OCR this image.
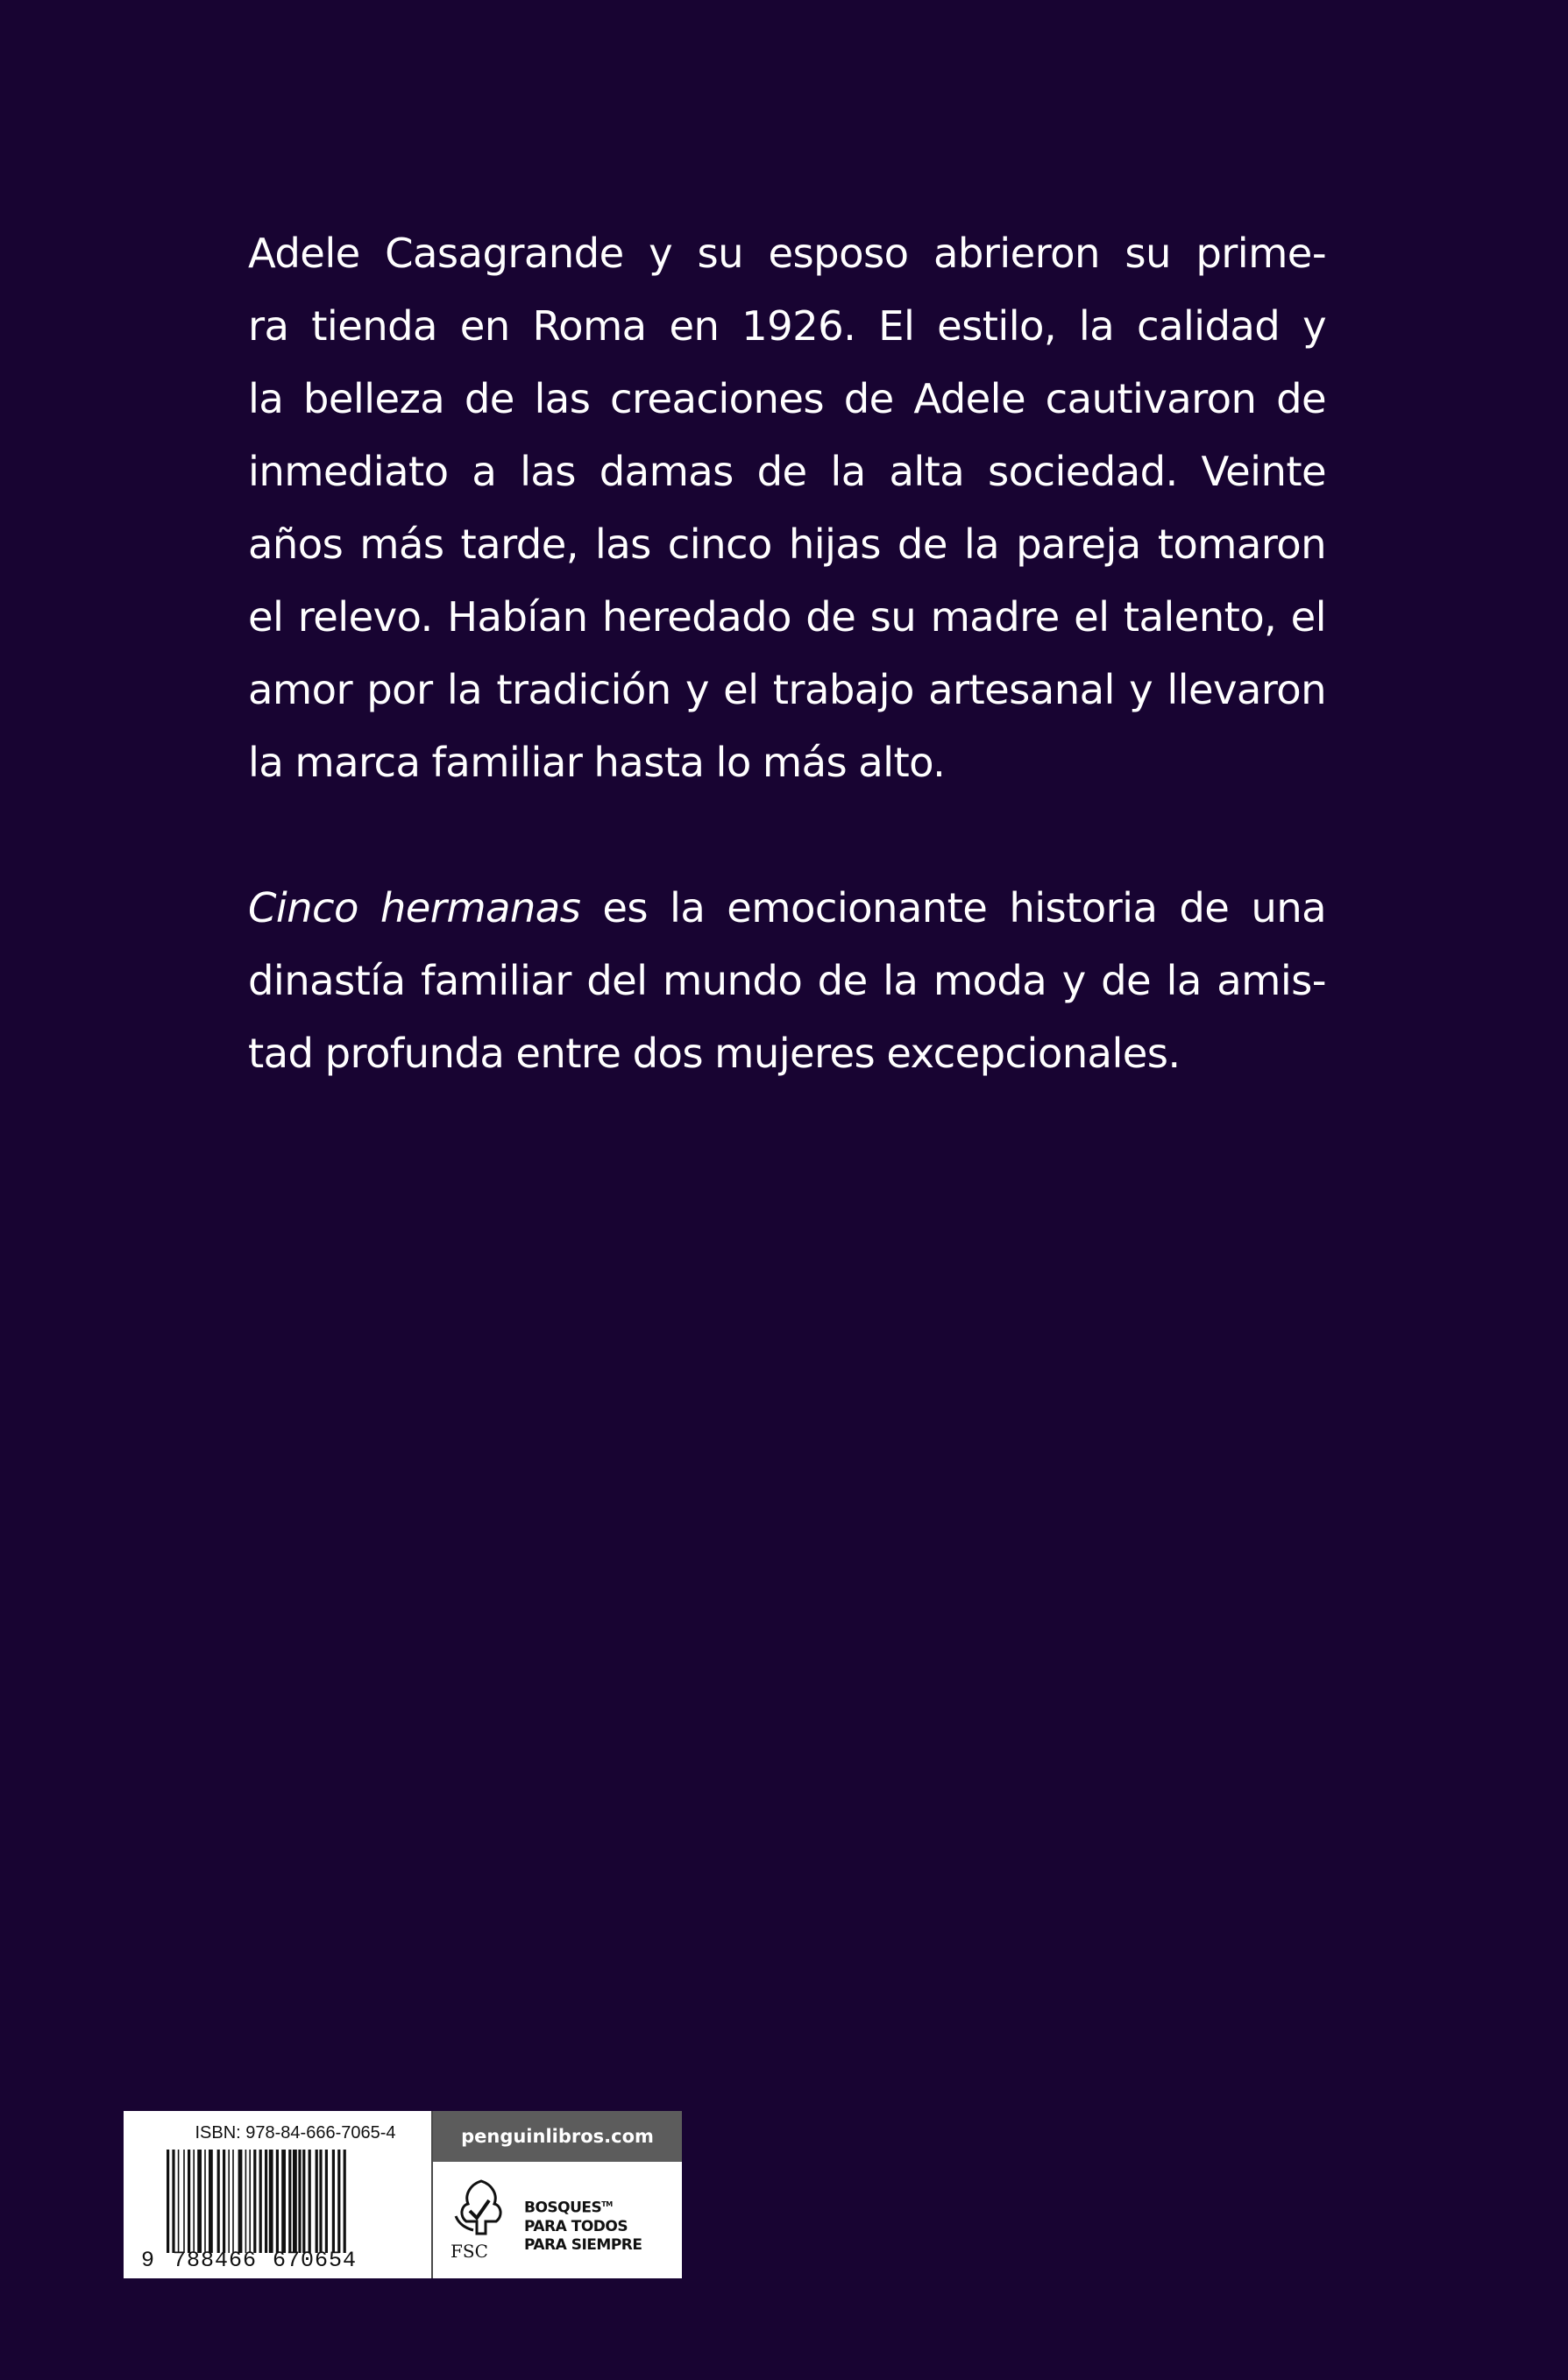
Adele Casagrande y su esposo abrieron su prime-
ra tienda en Roma en 1926. El estilo, la calidad y
la belleza de las creaciones de Adele cautivaron de
inmediato a las damas de la alta sociedad. Veinte
años más tarde, las cinco hijas de la pareja tomaron
el relevo. Habían heredado de su madre el talento, el
amor por la tradición y el trabajo artesanal y llevaron
la marca familiar hasta lo más alto.

Cinco hermanas es la emocionante historia de una
dinastía familiar del mundo de la moda y de la amis-
tad profunda entre dos mujeres excepcionales.

ISBN: 978-84-666-7065-4
9 788466 670654
penguinlibros.com
FSC
BOSQUES™
PARA TODOS
PARA SIEMPRE
